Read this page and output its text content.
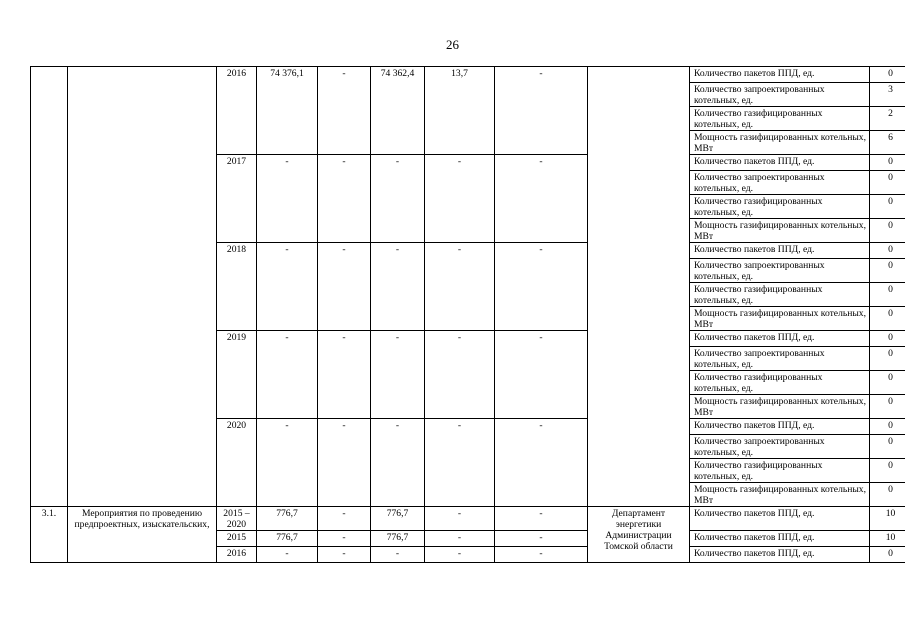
26
		2016	74 376,1	-	74 362,4	13,7	-		Количество пакетов ППД, ед.	0
									Количество запроектированных котельных, ед.	3
									Количество газифицированных котельных, ед.	2
									Мощность газифицированных котельных, МВт	6
		2017	-	-	-	-	-		Количество пакетов ППД, ед.	0
									Количество запроектированных котельных, ед.	0
									Количество газифицированных котельных, ед.	0
									Мощность газифицированных котельных, МВт	0
		2018	-	-	-	-	-		Количество пакетов ППД, ед.	0
									Количество запроектированных котельных, ед.	0
									Количество газифицированных котельных, ед.	0
									Мощность газифицированных котельных, МВт	0
		2019	-	-	-	-	-		Количество пакетов ППД, ед.	0
									Количество запроектированных котельных, ед.	0
									Количество газифицированных котельных, ед.	0
									Мощность газифицированных котельных, МВт	0
		2020	-	-	-	-	-		Количество пакетов ППД, ед.	0
									Количество запроектированных котельных, ед.	0
									Количество газифицированных котельных, ед.	0
									Мощность газифицированных котельных, МВт	0
3.1.	Мероприятия по проведению предпроектных, изыскательских,	2015 – 2020	776,7	-	776,7	-	-	Департамент энергетики Администрации Томской области	Количество пакетов ППД, ед.	10
		2015	776,7	-	776,7	-	-		Количество пакетов ППД, ед.	10
		2016	-	-	-	-	-		Количество пакетов ППД, ед.	0
